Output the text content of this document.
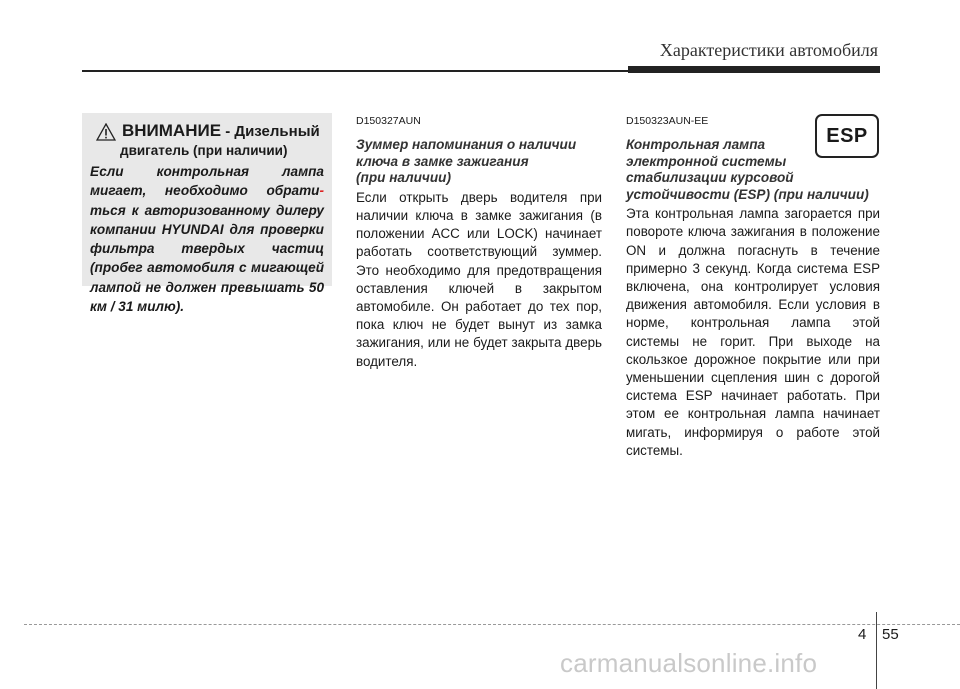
Характеристики автомобиля
ВНИМАНИЕ - Дизельный
двигатель (при наличии)
Если контрольная лампа
мигает, необходимо обрати-
ться к авторизованному дилеру
компании HYUNDAI для проверки
фильтра твердых частиц
(пробег автомобиля с мигающей
лампой не должен превышать 50
км / 31 милю).
D150327AUN
Зуммер напоминания о наличии
ключа в замке зажигания
(при наличии)
Если открыть дверь водителя при наличии ключа в замке зажигания (в положении ACC или LOCK) начинает работать соответствующий зуммер. Это необходимо для предотвращения оставления ключей в закрытом автомобиле. Он работает до тех пор, пока ключ не будет вынут из замка зажигания, или не будет закрыта дверь водителя.
D150323AUN-EE
Контрольная лампа
электронной системы
стабилизации курсовой
устойчивости (ESP) (при наличии)
Эта контрольная лампа загорается при повороте ключа зажигания в положение ON и должна погаснуть в течение примерно 3 секунд. Когда система ESP включена, она контролирует условия движения автомобиля. Если условия в норме, контрольная лампа этой системы не горит. При выходе на скользкое дорожное покрытие или при уменьшении сцепления шин с дорогой система ESP начинает работать. При этом ее контрольная лампа начинает мигать, информируя о работе этой системы.
ESP
4 55
carmanualsonline.info
